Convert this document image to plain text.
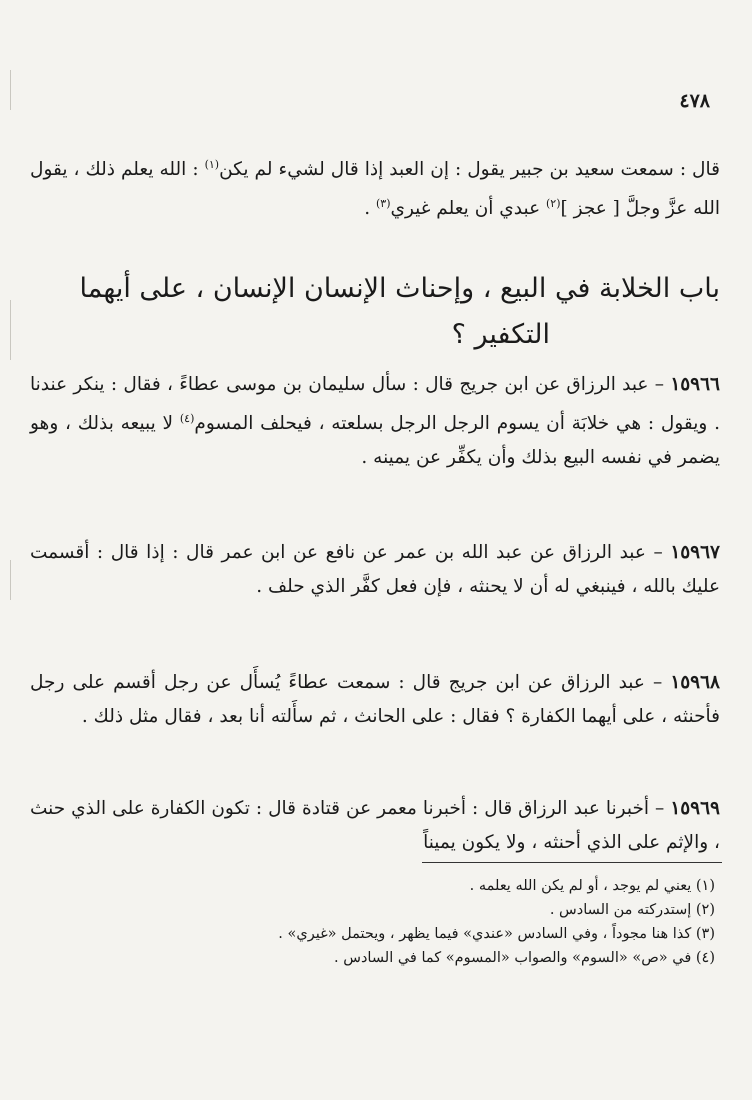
٤٧٨

قال : سمعت سعيد بن جبير يقول : إن العبد إذا قال لشيء لم يكن$^{(١)}$ : الله يعلم ذلك ، يقول الله عزَّ وجلَّ [ عجز ]$^{(٢)}$ عبدي أن يعلم غيري$^{(٣)}$ .

باب الخلابة في البيع ، وإحناث الإنسان الإنسان ، على أيهما
التكفير ؟

١٥٩٦٦ – عبد الرزاق عن ابن جريج قال : سأل سليمان بن موسى عطاءً ، فقال : ينكر عندنا . ويقول : هي خلابَة أن يسوم الرجل الرجل بسلعته ، فيحلف المسوم$^{(٤)}$ لا يبيعه بذلك ، وهو يضمر في نفسه البيع بذلك وأن يكفِّر عن يمينه .

١٥٩٦٧ – عبد الرزاق عن عبد الله بن عمر عن نافع عن ابن عمر قال : إذا قال : أقسمت عليك بالله ، فينبغي له أن لا يحنثه ، فإن فعل كفَّر الذي حلف .

١٥٩٦٨ – عبد الرزاق عن ابن جريج قال : سمعت عطاءً يُسأَل عن رجل أقسم على رجل فأحنثه ، على أيهما الكفارة ؟ فقال : على الحانث ، ثم سأَلته أنا بعد ، فقال مثل ذلك .

١٥٩٦٩ – أخبرنا عبد الرزاق قال : أخبرنا معمر عن قتادة قال : تكون الكفارة على الذي حنث ، والإثم على الذي أحنثه ، ولا يكون يميناً

(١) يعني لم يوجد ، أو لم يكن الله يعلمه .
(٢) إستدركته من السادس .
(٣) كذا هنا مجوداً ، وفي السادس «عندي» فيما يظهر ، ويحتمل «غيري» .
(٤) في «ص» «السوم» والصواب «المسوم» كما في السادس .
